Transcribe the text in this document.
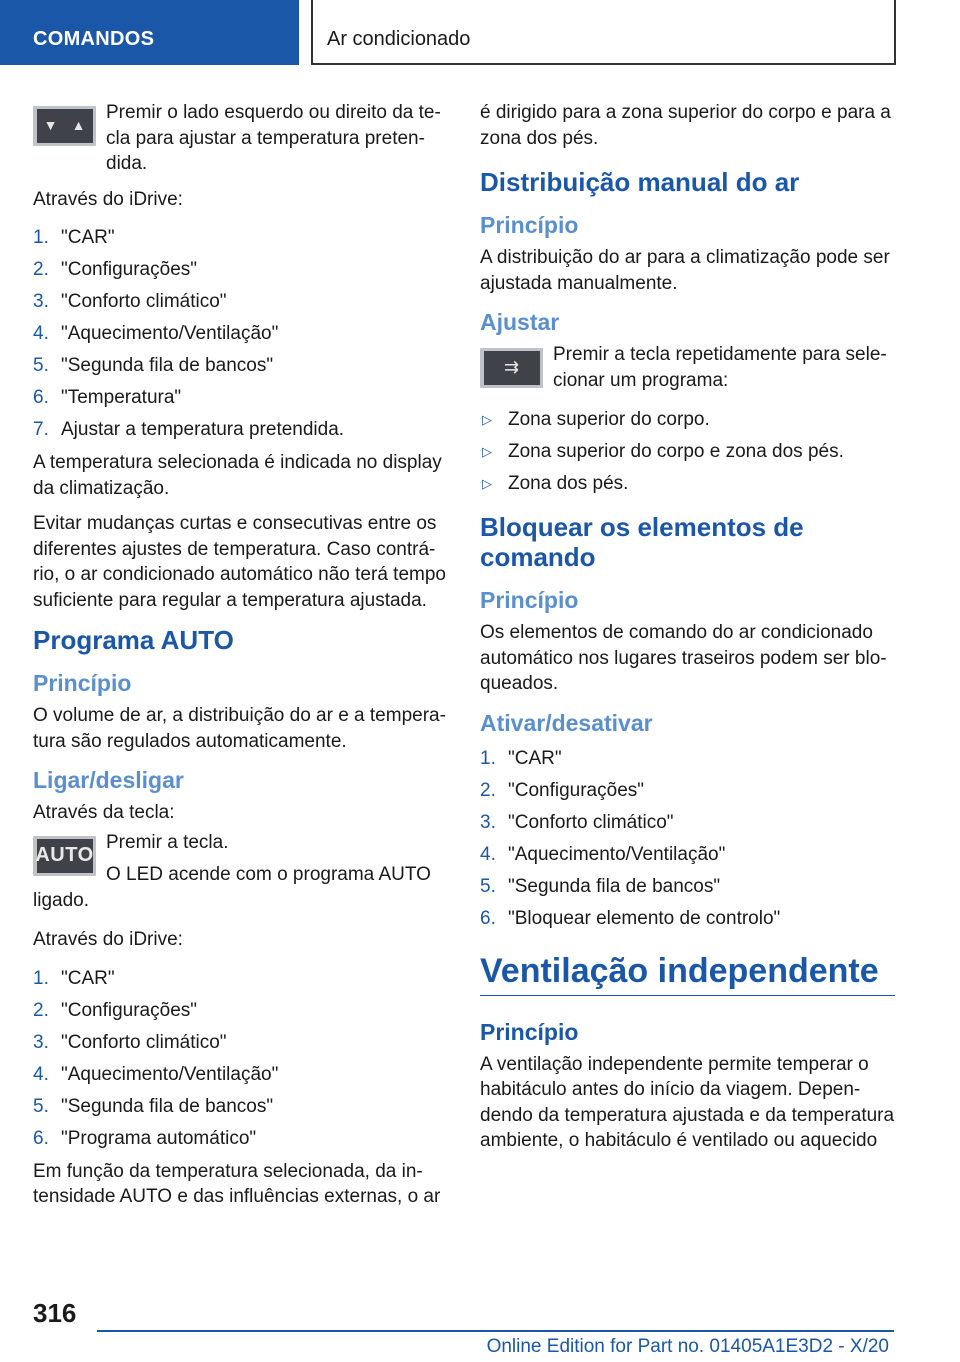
COMANDOS	Ar condicionado

▼ ▲
Premir o lado esquerdo ou direito da te-cla para ajustar a temperatura preten-dida.

Através do iDrive:

1. "CAR"
2. "Configurações"
3. "Conforto climático"
4. "Aquecimento/Ventilação"
5. "Segunda fila de bancos"
6. "Temperatura"
7. Ajustar a temperatura pretendida.

A temperatura selecionada é indicada no display da climatização.

Evitar mudanças curtas e consecutivas entre os diferentes ajustes de temperatura. Caso contrá-rio, o ar condicionado automático não terá tempo suficiente para regular a temperatura ajustada.

Programa AUTO
Princípio

O volume de ar, a distribuição do ar e a tempera-tura são regulados automaticamente.

Ligar/desligar

Através da tecla:

AUTO
Premir a tecla.

O LED acende com o programa AUTO ligado.

Através do iDrive:

1. "CAR"
2. "Configurações"
3. "Conforto climático"
4. "Aquecimento/Ventilação"
5. "Segunda fila de bancos"
6. "Programa automático"

Em função da temperatura selecionada, da in-tensidade AUTO e das influências externas, o ar

é dirigido para a zona superior do corpo e para a zona dos pés.

Distribuição manual do ar
Princípio

A distribuição do ar para a climatização pode ser ajustada manualmente.

Ajustar

⇉
Premir a tecla repetidamente para sele-cionar um programa:

▷ Zona superior do corpo.
▷ Zona superior do corpo e zona dos pés.
▷ Zona dos pés.
Bloquear os elementos de comando
Princípio

Os elementos de comando do ar condicionado automático nos lugares traseiros podem ser blo-queados.

Ativar/desativar
1. "CAR"
2. "Configurações"
3. "Conforto climático"
4. "Aquecimento/Ventilação"
5. "Segunda fila de bancos"
6. "Bloquear elemento de controlo"
Ventilação independente
Princípio

A ventilação independente permite temperar o habitáculo antes do início da viagem. Depen-dendo da temperatura ajustada e da temperatura ambiente, o habitáculo é ventilado ou aquecido

316
Online Edition for Part no. 01405A1E3D2 - X/20
